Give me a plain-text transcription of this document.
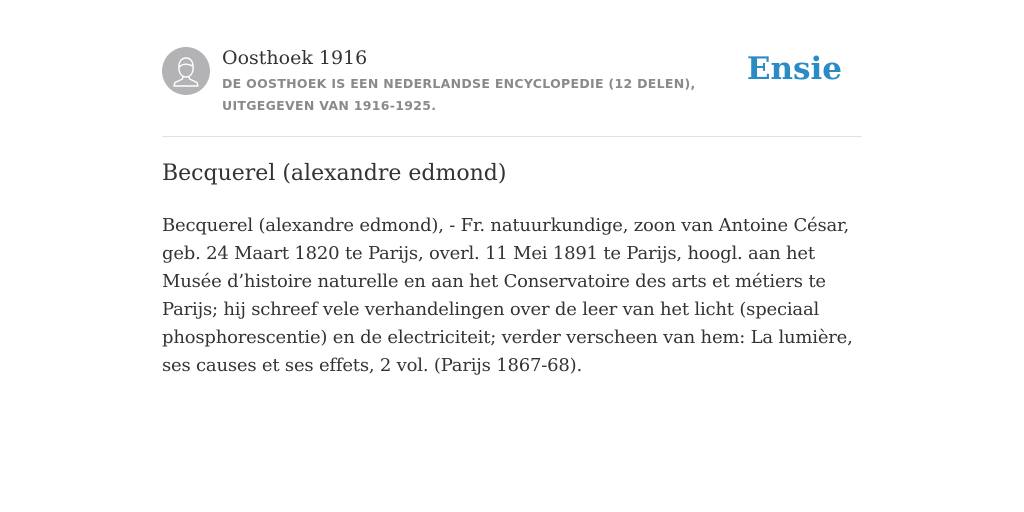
Oosthoek 1916
DE OOSTHOEK IS EEN NEDERLANDSE ENCYCLOPEDIE (12 DELEN), UITGEGEVEN VAN 1916-1925.
Ensie
Becquerel (alexandre edmond)

Becquerel (alexandre edmond), - Fr. natuurkundige, zoon van Antoine César, geb. 24 Maart 1820 te Parijs, overl. 11 Mei 1891 te Parijs, hoogl. aan het Musée d’histoire naturelle en aan het Conservatoire des arts et métiers te Parijs; hij schreef vele verhandelingen over de leer van het licht (speciaal phosphorescentie) en de electriciteit; verder verscheen van hem: La lumière, ses causes et ses effets, 2 vol. (Parijs 1867-68).
